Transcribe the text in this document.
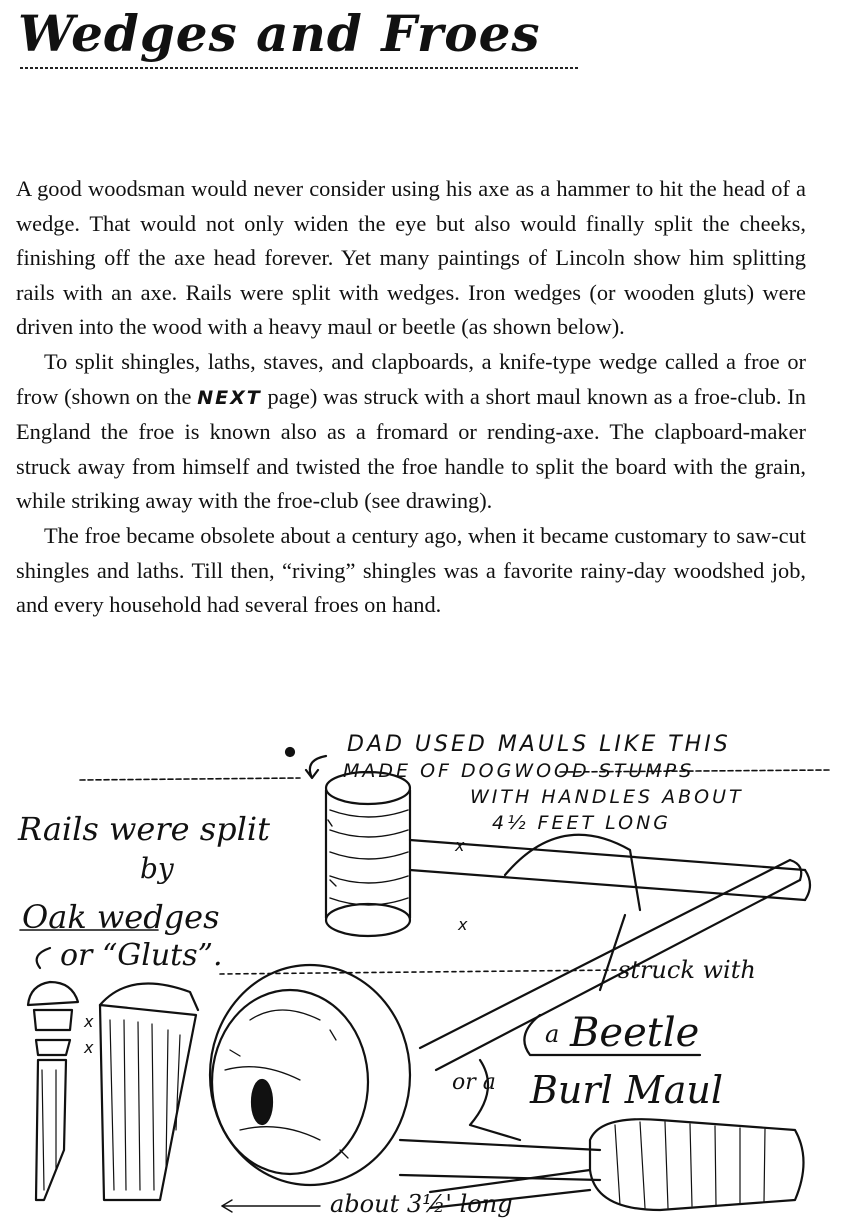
Wedges and Froes

A good woodsman would never consider using his axe as a hammer to hit the head of a wedge. That would not only widen the eye but also would finally split the cheeks, finishing off the axe head forever. Yet many paintings of Lincoln show him splitting rails with an axe. Rails were split with wedges. Iron wedges (or wooden gluts) were driven into the wood with a heavy maul or beetle (as shown below).

To split shingles, laths, staves, and clapboards, a knife-type wedge called a froe or frow (shown on the NEXT page) was struck with a short maul known as a froe-club. In England the froe is known also as a fromard or rending-axe. The clapboard-maker struck away from himself and twisted the froe handle to split the board with the grain, while striking away with the froe-club (see drawing).

The froe became obsolete about a century ago, when it became customary to saw-cut shingles and laths. Till then, “riving” shingles was a favorite rainy-day woodshed job, and every household had several froes on hand.

DAD USED MAULS LIKE THIS
MADE OF DOGWOOD STUMPS
WITH HANDLES ABOUT
4½ FEET LONG
Rails were split
by
Oak wedges
or “Gluts”.	struck with
a Beetle
or a Burl Maul
about 3½' long
x
x
x
x
